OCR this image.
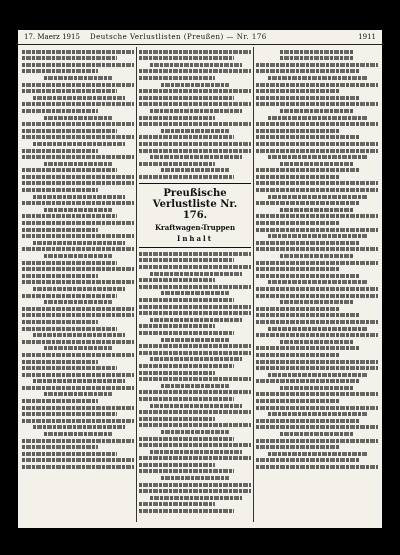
17. Maerz 1915 Deutsche Verlustlisten (Preußen) — Nr. 176	1911
Preußische Verlustliste Nr. 176.
Kraftwagen-Truppen
Inhalt
